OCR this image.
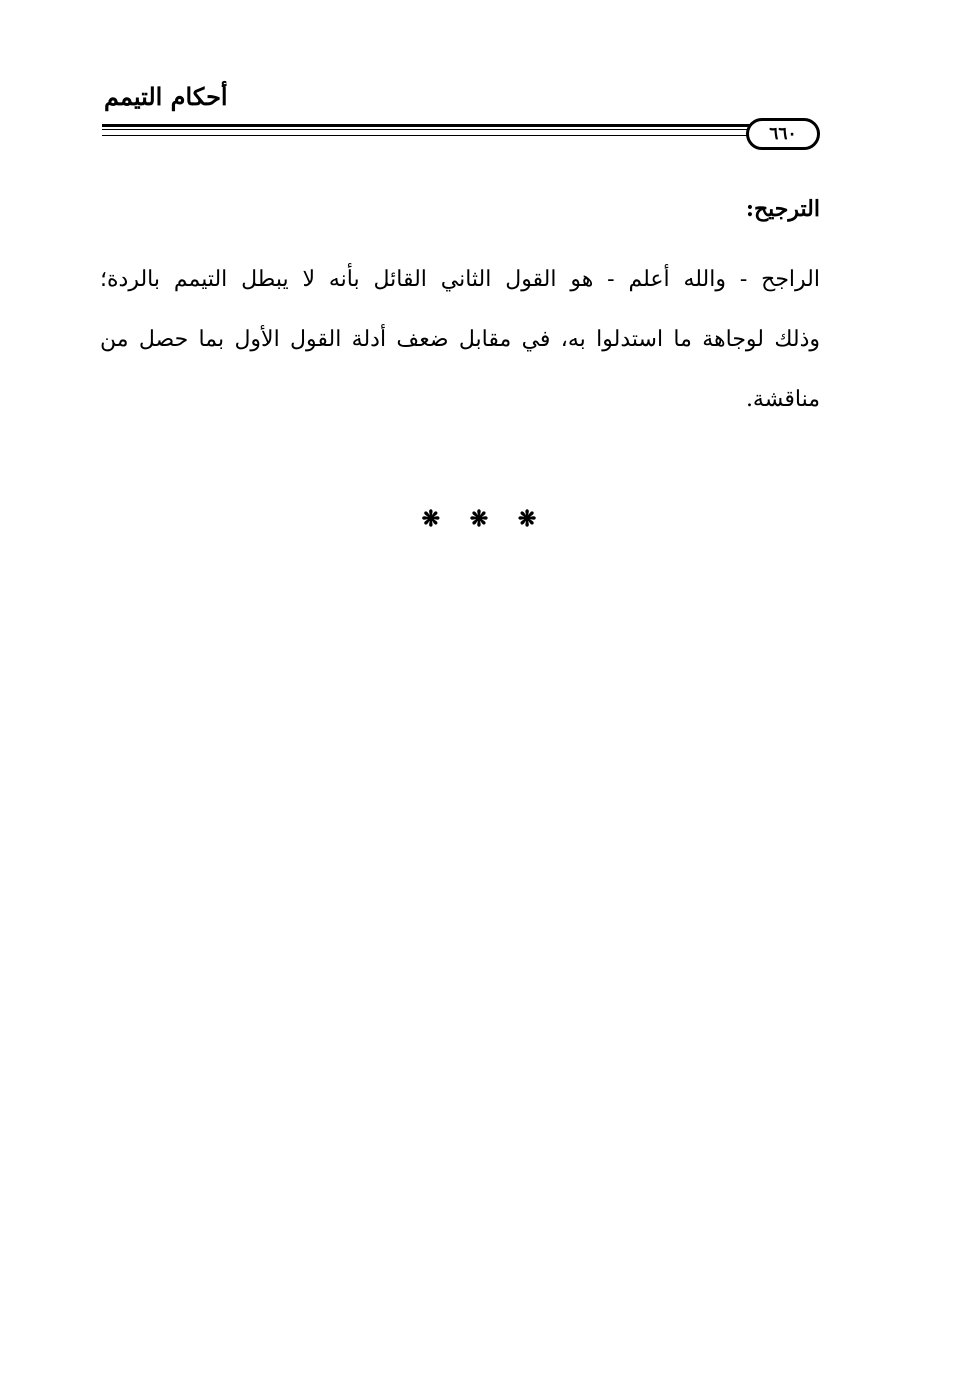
أحكام التيمم
٦٦٠
الترجيح:
الراجح - والله أعلم - هو القول الثاني القائل بأنه لا يبطل التيمم بالردة؛
وذلك لوجاهة ما استدلوا به، في مقابل ضعف أدلة القول الأول بما حصل من
مناقشة.
❋ ❋ ❋
